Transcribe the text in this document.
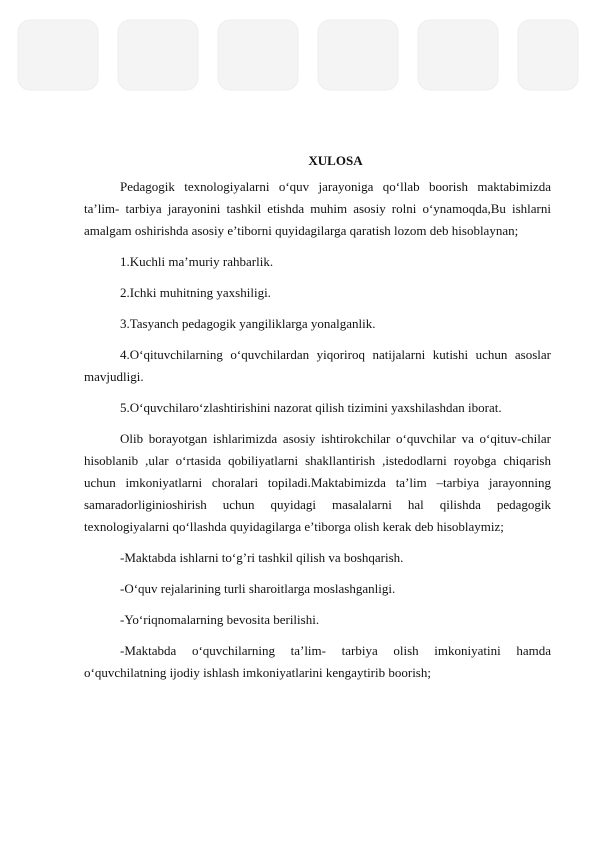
XULOSA

Pedagogik texnologiyalarni oʻquv jarayoniga qoʻllab boorish maktabimizda ta’lim- tarbiya jarayonini tashkil etishda muhim asosiy rolni oʻynamoqda,Bu ishlarni amalgam oshirishda asosiy e’tiborni quyidagilarga qaratish lozom deb hisoblaynan;

1.Kuchli ma’muriy rahbarlik.

2.Ichki muhitning yaxshiligi.

3.Tasyanch pedagogik yangiliklarga yonalganlik.

4.Oʻqituvchilarning oʻquvchilardan yiqoriroq natijalarni kutishi uchun asoslar mavjudligi.

5.Oʻquvchilaroʻzlashtirishini nazorat qilish tizimini yaxshilashdan iborat.

Olib borayotgan ishlarimizda asosiy ishtirokchilar oʻquvchilar va oʻqituv-chilar hisoblanib ,ular oʻrtasida qobiliyatlarni shakllantirish ,istedodlarni royobga chiqarish uchun imkoniyatlarni choralari topiladi.Maktabimizda ta’lim –tarbiya jarayonning samaradorliginioshirish uchun quyidagi masalalarni hal qilishda pedagogik texnologiyalarni qoʻllashda quyidagilarga e’tiborga olish kerak deb hisoblaymiz;

-Maktabda ishlarni toʻg’ri tashkil qilish va boshqarish.

-Oʻquv rejalarining turli sharoitlarga moslashganligi.

-Yoʻriqnomalarning bevosita berilishi.

-Maktabda oʻquvchilarning ta’lim- tarbiya olish imkoniyatini hamda oʻquvchilatning ijodiy ishlash imkoniyatlarini kengaytirib boorish;
